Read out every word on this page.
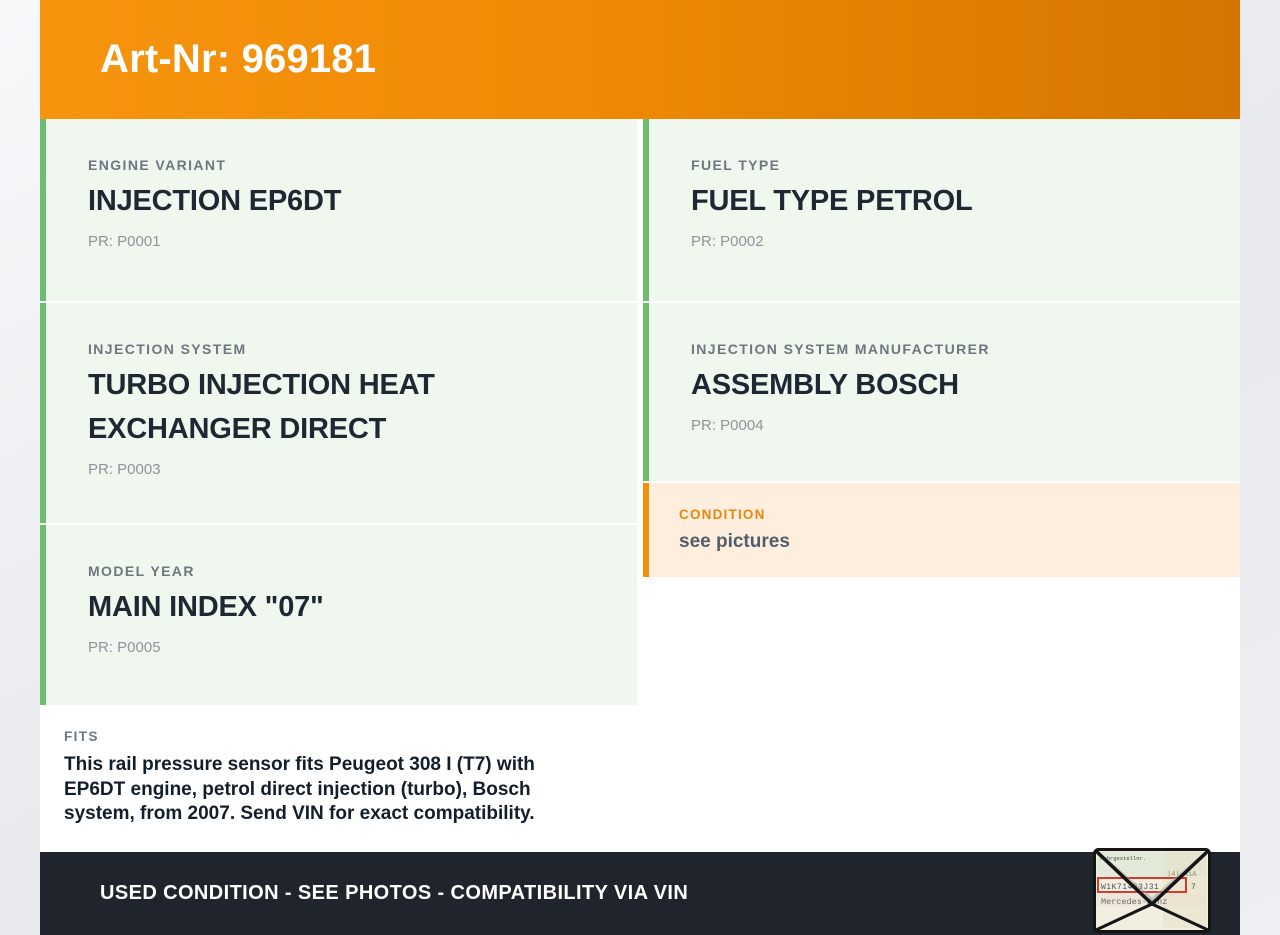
Art-Nr: 969181
ENGINE VARIANT
INJECTION EP6DT
PR: P0001
FUEL TYPE
FUEL TYPE PETROL
PR: P0002
INJECTION SYSTEM
TURBO INJECTION HEAT EXCHANGER DIRECT
PR: P0003
INJECTION SYSTEM MANUFACTURER
ASSEMBLY BOSCH
PR: P0004
MODEL YEAR
MAIN INDEX "07"
PR: P0005
CONDITION
see pictures
FITS
This rail pressure sensor fits Peugeot 308 I (T7) with EP6DT engine, petrol direct injection (turbo), Bosch system, from 2007. Send VIN for exact compatibility.
USED CONDITION - SEE PHOTOS - COMPATIBILITY VIA VIN
Fahrgestellnr.
|4| AiA
W1K71463J31	7
Mercedes-Benz
